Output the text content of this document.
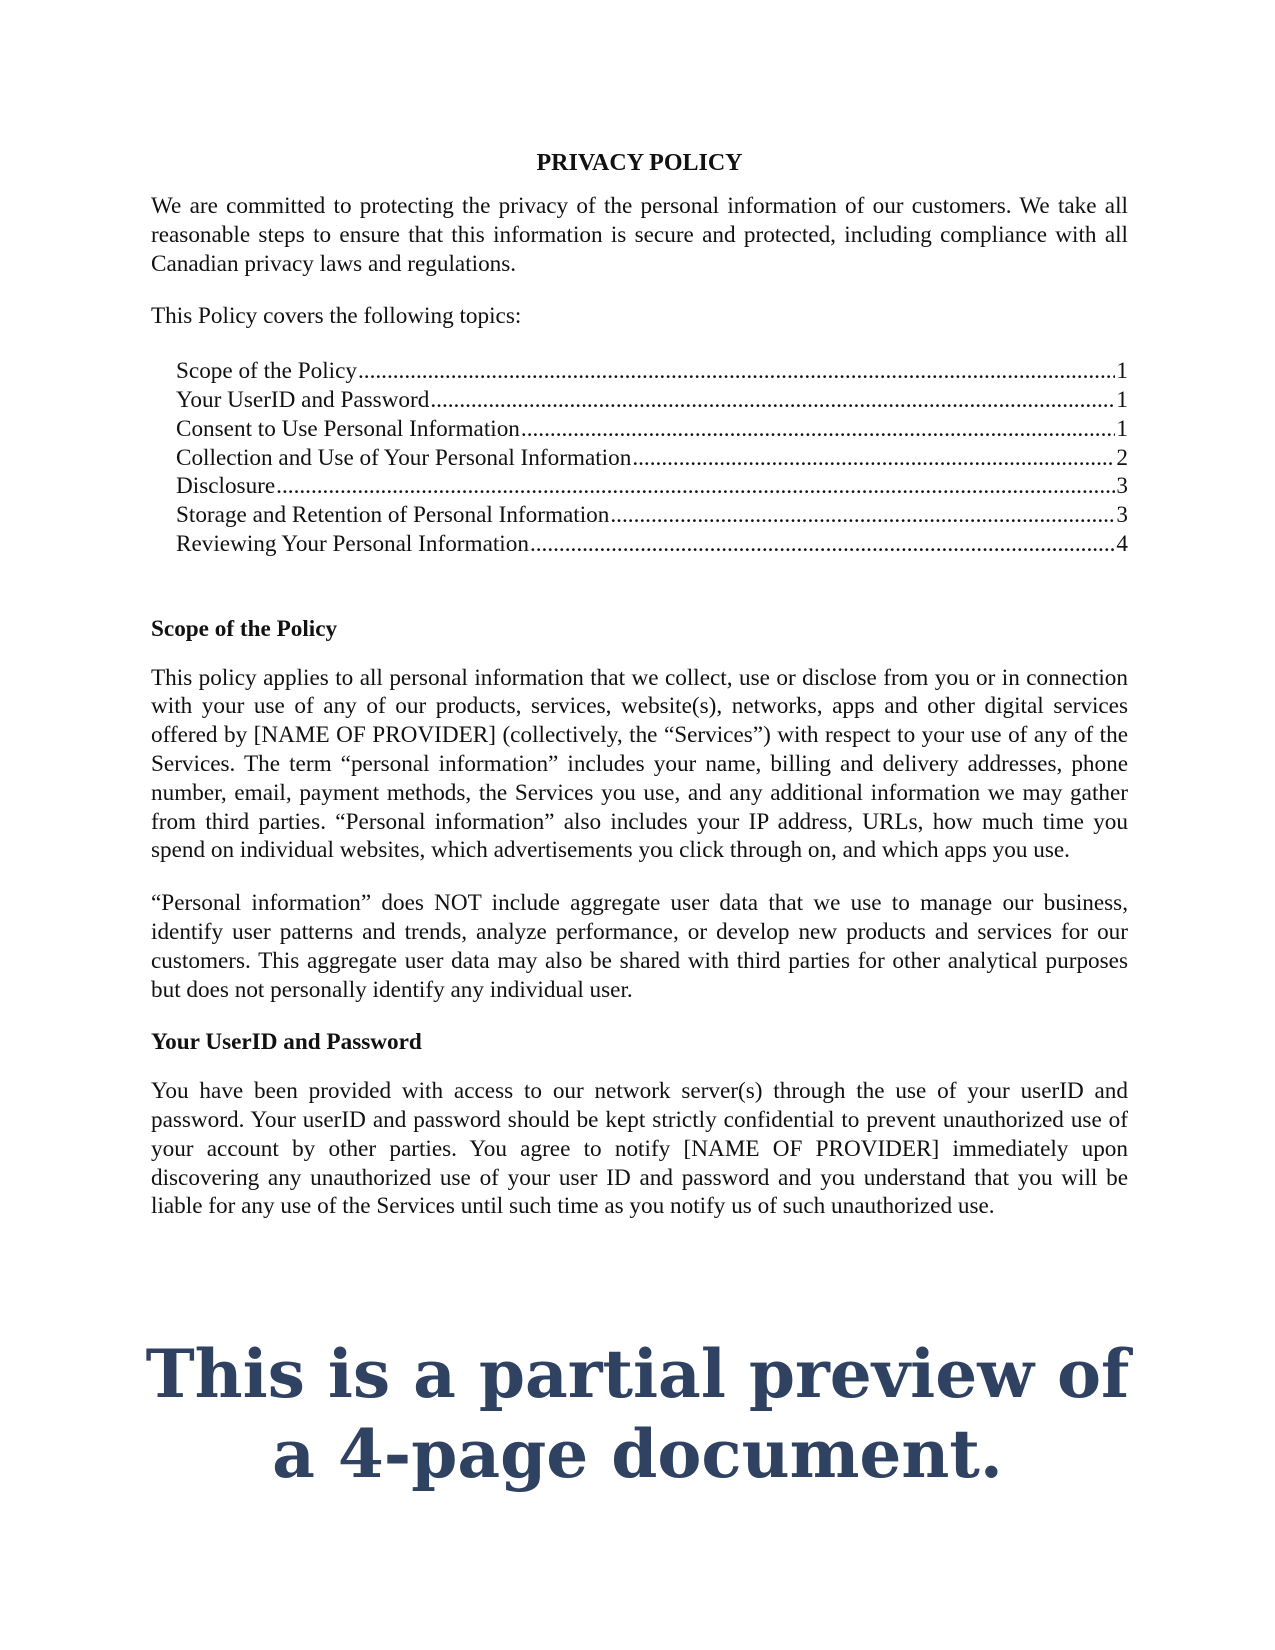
PRIVACY POLICY

We are committed to protecting the privacy of the personal information of our customers. We take all reasonable steps to ensure that this information is secure and protected, including compliance with all Canadian privacy laws and regulations.

This Policy covers the following topics:

Scope of the Policy .....	1
Your UserID and Password .....	1
Consent to Use Personal Information .....	1
Collection and Use of Your Personal Information .....	2
Disclosure .....	3
Storage and Retention of Personal Information .....	3
Reviewing Your Personal Information .....	4
Scope of the Policy

This policy applies to all personal information that we collect, use or disclose from you or in connection with your use of any of our products, services, website(s), networks, apps and other digital services offered by [NAME OF PROVIDER] (collectively, the “Services”) with respect to your use of any of the Services. The term “personal information” includes your name, billing and delivery addresses, phone number, email, payment methods, the Services you use, and any additional information we may gather from third parties. “Personal information” also includes your IP address, URLs, how much time you spend on individual websites, which advertisements you click through on, and which apps you use.

“Personal information” does NOT include aggregate user data that we use to manage our business, identify user patterns and trends, analyze performance, or develop new products and services for our customers. This aggregate user data may also be shared with third parties for other analytical purposes but does not personally identify any individual user.

Your UserID and Password

You have been provided with access to our network server(s) through the use of your userID and password. Your userID and password should be kept strictly confidential to prevent unauthorized use of your account by other parties. You agree to notify [NAME OF PROVIDER] immediately upon discovering any unauthorized use of your user ID and password and you understand that you will be liable for any use of the Services until such time as you notify us of such unauthorized use.

This is a partial preview of
a 4-page document.
